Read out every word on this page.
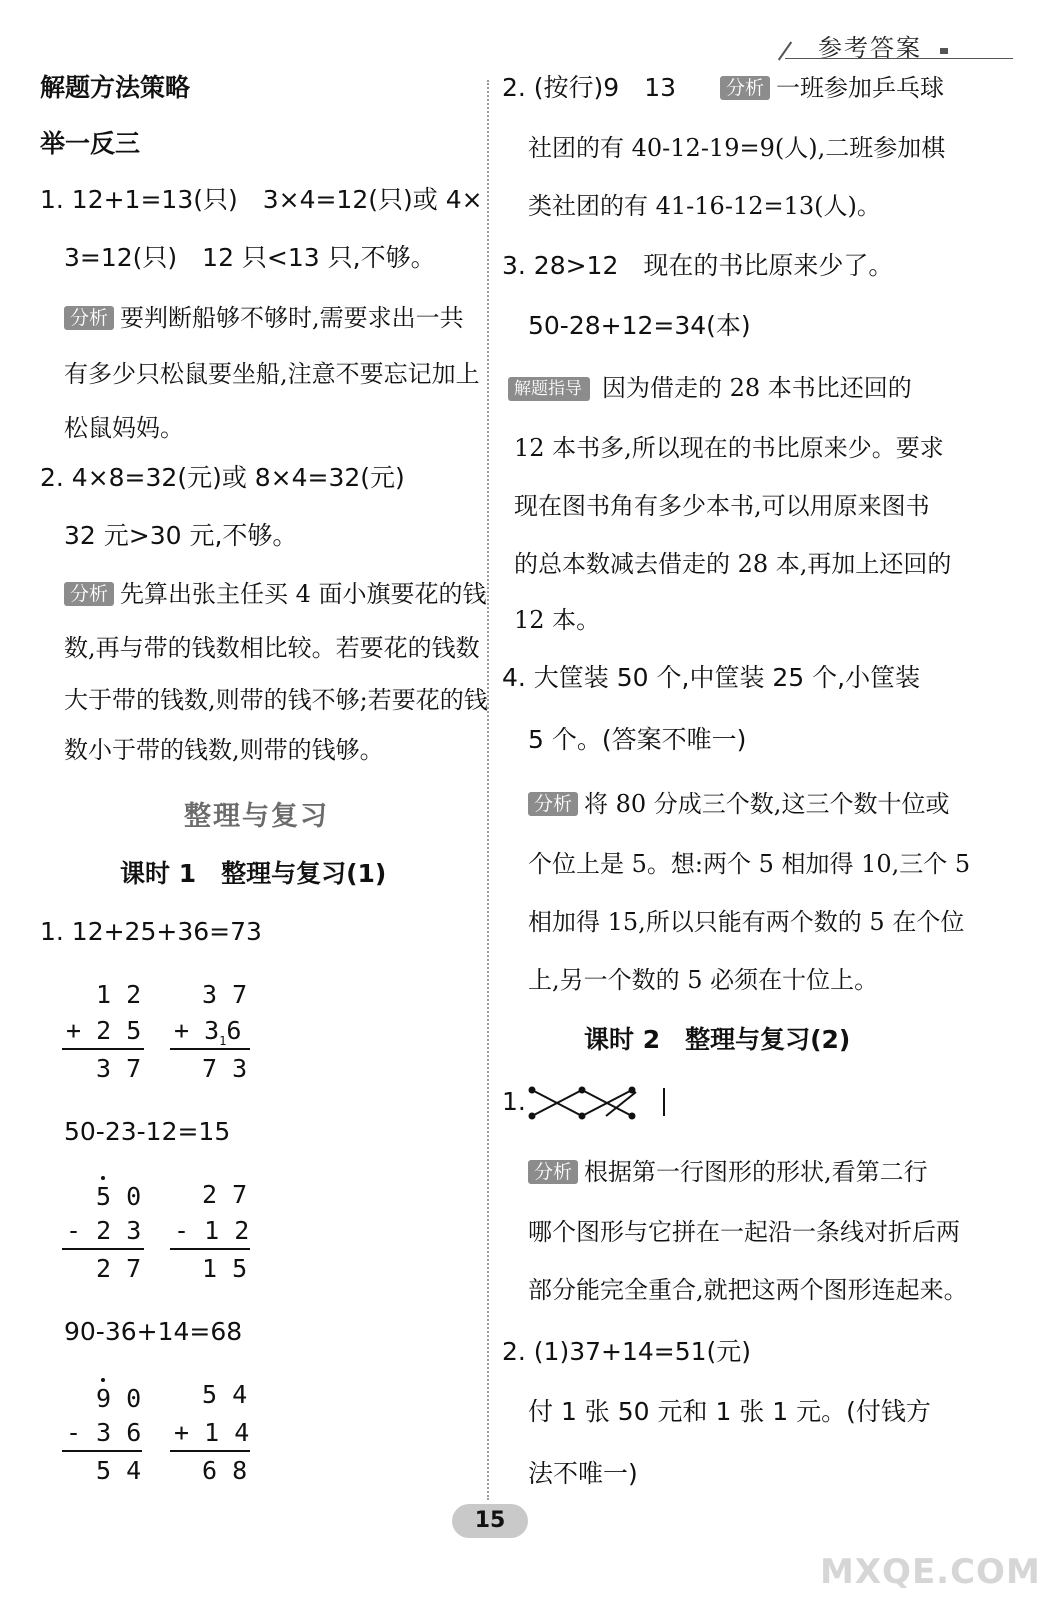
参考答案
解题方法策略
举一反三
1. 12+1=13(只)　3×4=12(只)或 4×
3=12(只)　12 只<13 只,不够。
分析 要判断船够不够时,需要求出一共
有多少只松鼠要坐船,注意不要忘记加上
松鼠妈妈。
2. 4×8=32(元)或 8×4=32(元)
32 元>30 元,不够。
分析 先算出张主任买 4 面小旗要花的钱
数,再与带的钱数相比较。若要花的钱数
大于带的钱数,则带的钱不够;若要花的钱
数小于带的钱数,则带的钱够。
整理与复习
课时 1　整理与复习(1)
1. 12+25+36=73
1 2
+ 2 5
3 7
3 7
+ $3_16$
7 3
50-23-12=15
5 0
- 2 3
2 7
2 7
- 1 2
1 5
90-36+14=68
9 0
- 3 6
5 4
5 4
+ 1 4
6 8
2. (按行)9　13	分析 一班参加乒乓球
社团的有 40-12-19=9(人),二班参加棋
类社团的有 41-16-12=13(人)。
3. 28>12　现在的书比原来少了。
50-28+12=34(本)
解题指导 因为借走的 28 本书比还回的
12 本书多,所以现在的书比原来少。要求
现在图书角有多少本书,可以用原来图书
的总本数减去借走的 28 本,再加上还回的
12 本。
4. 大筐装 50 个,中筐装 25 个,小筐装
5 个。(答案不唯一)
分析 将 80 分成三个数,这三个数十位或
个位上是 5。想:两个 5 相加得 10,三个 5
相加得 15,所以只能有两个数的 5 在个位
上,另一个数的 5 必须在十位上。
课时 2　整理与复习(2)
1.
分析 根据第一行图形的形状,看第二行
哪个图形与它拼在一起沿一条线对折后两
部分能完全重合,就把这两个图形连起来。
2. (1)37+14=51(元)
付 1 张 50 元和 1 张 1 元。(付钱方
法不唯一)
15
MXQE.COM
